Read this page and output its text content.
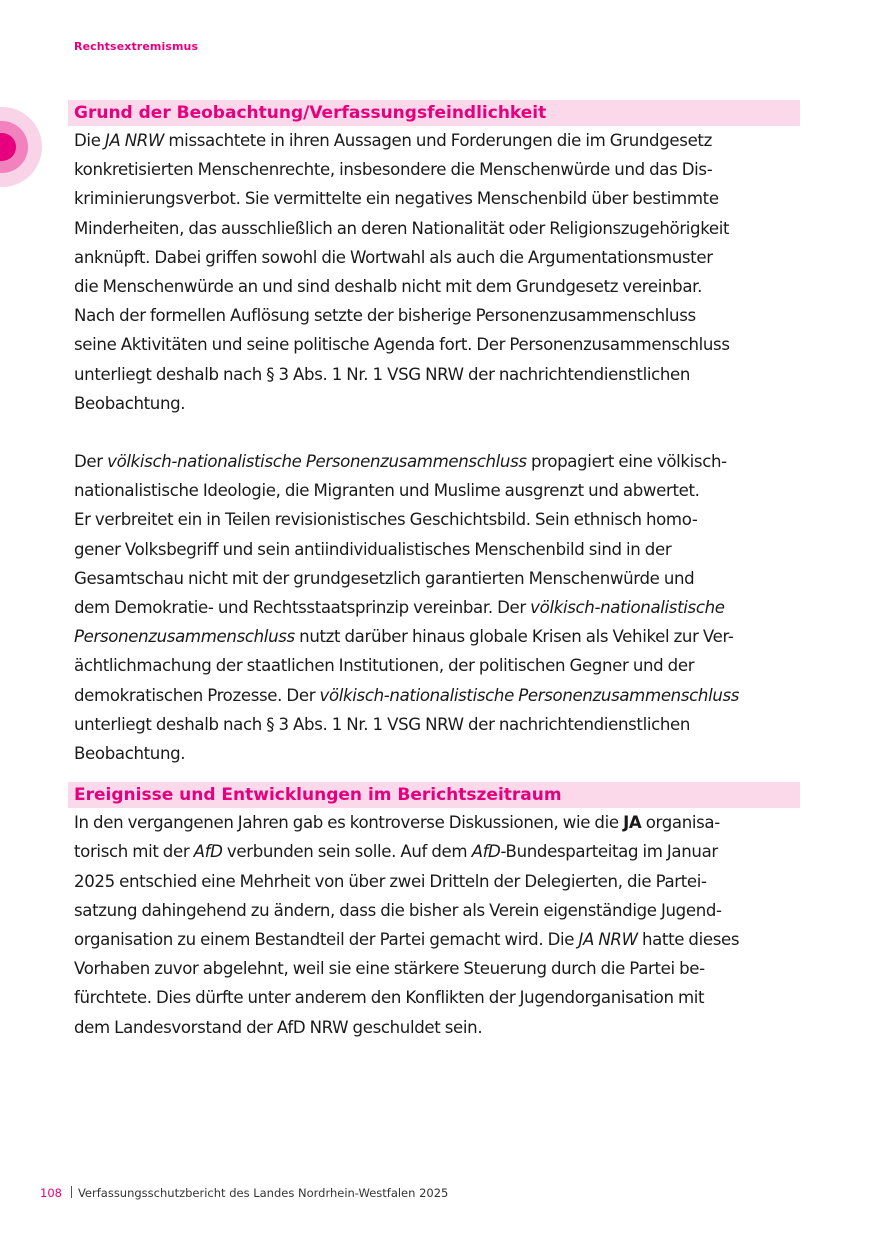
Rechtsextremismus
Grund der Beobachtung/Verfassungsfeindlichkeit
Die JA NRW missachtete in ihren Aussagen und Forderungen die im Grundgesetz
konkretisierten Menschenrechte, insbesondere die Menschenwürde und das Dis-
kriminierungsverbot. Sie vermittelte ein negatives Menschenbild über bestimmte
Minderheiten, das ausschließlich an deren Nationalität oder Religionszugehörigkeit
anknüpft. Dabei griffen sowohl die Wortwahl als auch die Argumentationsmuster
die Menschenwürde an und sind deshalb nicht mit dem Grundgesetz vereinbar.
Nach der formellen Auflösung setzte der bisherige Personenzusammenschluss
seine Aktivitäten und seine politische Agenda fort. Der Personenzusammenschluss
unterliegt deshalb nach § 3 Abs. 1 Nr. 1 VSG NRW der nachrichtendienstlichen
Beobachtung.
Der völkisch-nationalistische Personenzusammenschluss propagiert eine völkisch-
nationalistische Ideologie, die Migranten und Muslime ausgrenzt und abwertet.
Er verbreitet ein in Teilen revisionistisches Geschichtsbild. Sein ethnisch homo-
gener Volksbegriff und sein antiindividualistisches Menschenbild sind in der
Gesamtschau nicht mit der grundgesetzlich garantierten Menschenwürde und
dem Demokratie- und Rechtsstaatsprinzip vereinbar. Der völkisch-nationalistische
Personenzusammenschluss nutzt darüber hinaus globale Krisen als Vehikel zur Ver-
ächtlichmachung der staatlichen Institutionen, der politischen Gegner und der
demokratischen Prozesse. Der völkisch-nationalistische Personenzusammenschluss
unterliegt deshalb nach § 3 Abs. 1 Nr. 1 VSG NRW der nachrichtendienstlichen
Beobachtung.
Ereignisse und Entwicklungen im Berichtszeitraum
In den vergangenen Jahren gab es kontroverse Diskussionen, wie die JA organisa-
torisch mit der AfD verbunden sein solle. Auf dem AfD-Bundesparteitag im Januar
2025 entschied eine Mehrheit von über zwei Dritteln der Delegierten, die Partei-
satzung dahingehend zu ändern, dass die bisher als Verein eigenständige Jugend-
organisation zu einem Bestandteil der Partei gemacht wird. Die JA NRW hatte dieses
Vorhaben zuvor abgelehnt, weil sie eine stärkere Steuerung durch die Partei be-
fürchtete. Dies dürfte unter anderem den Konflikten der Jugendorganisation mit
dem Landesvorstand der AfD NRW geschuldet sein.
108 Verfassungsschutzbericht des Landes Nordrhein-Westfalen 2025
